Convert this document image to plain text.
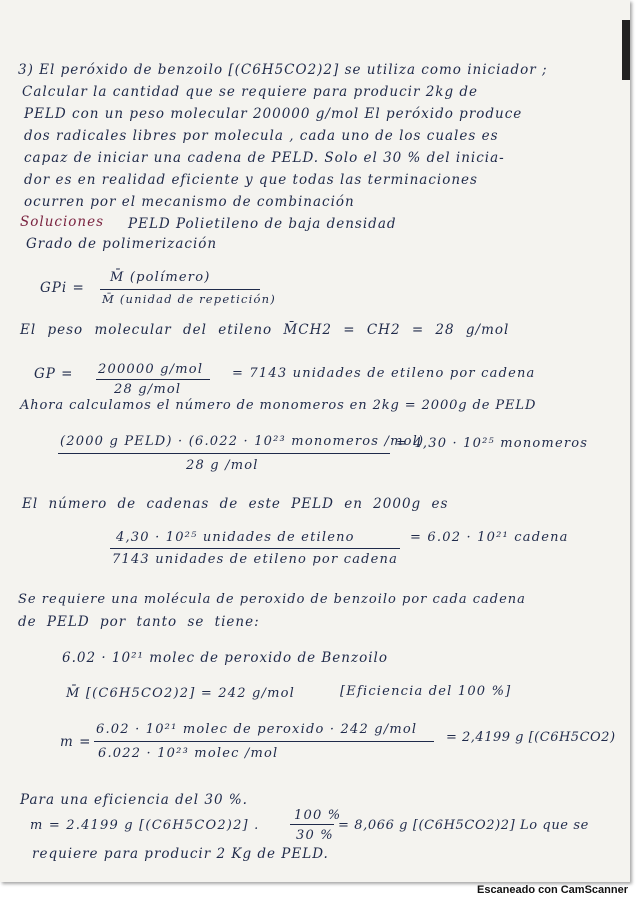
3) El peróxido de benzoilo [(C6H5CO2)2] se utiliza como iniciador ;
Calcular la cantidad que se requiere para producir 2kg de
PELD con un peso molecular 200000 g/mol El peróxido produce
dos radicales libres por molecula , cada uno de los cuales es
capaz de iniciar una cadena de PELD. Solo el 30 % del inicia-
dor es en realidad eficiente y que todas las terminaciones
ocurren por el mecanismo de combinación
Soluciones PELD Polietileno de baja densidad
Grado de polimerización
GPi =
M̄ (polímero)
M̄ (unidad de repetición)
El peso molecular del etileno M̄CH2 = CH2 = 28 g/mol
GP = 200000 g/mol
28 g/mol
= 7143 unidades de etileno por cadena
Ahora calculamos el número de monomeros en 2kg = 2000g de PELD
(2000 g PELD) · (6.022 · 10²³ monomeros /mol)
28 g /mol
= 4,30 · 10²⁵ monomeros
El número de cadenas de este PELD en 2000g es
4,30 · 10²⁵ unidades de etileno
7143 unidades de etileno por cadena
= 6.02 · 10²¹ cadena
Se requiere una molécula de peroxido de benzoilo por cada cadena
de PELD por tanto se tiene:
6.02 · 10²¹ molec de peroxido de Benzoilo
M̄ [(C6H5CO2)2] = 242 g/mol	[Eficiencia del 100 %]
m =
6.02 · 10²¹ molec de peroxido · 242 g/mol
6.022 · 10²³ molec /mol
= 2,4199 g [(C6H5CO2)
Para una eficiencia del 30 %.
m = 2.4199 g [(C6H5CO2)2] .
100 %
30 %
= 8,066 g [(C6H5CO2)2] Lo que se
requiere para producir 2 Kg de PELD.
Escaneado con CamScanner
